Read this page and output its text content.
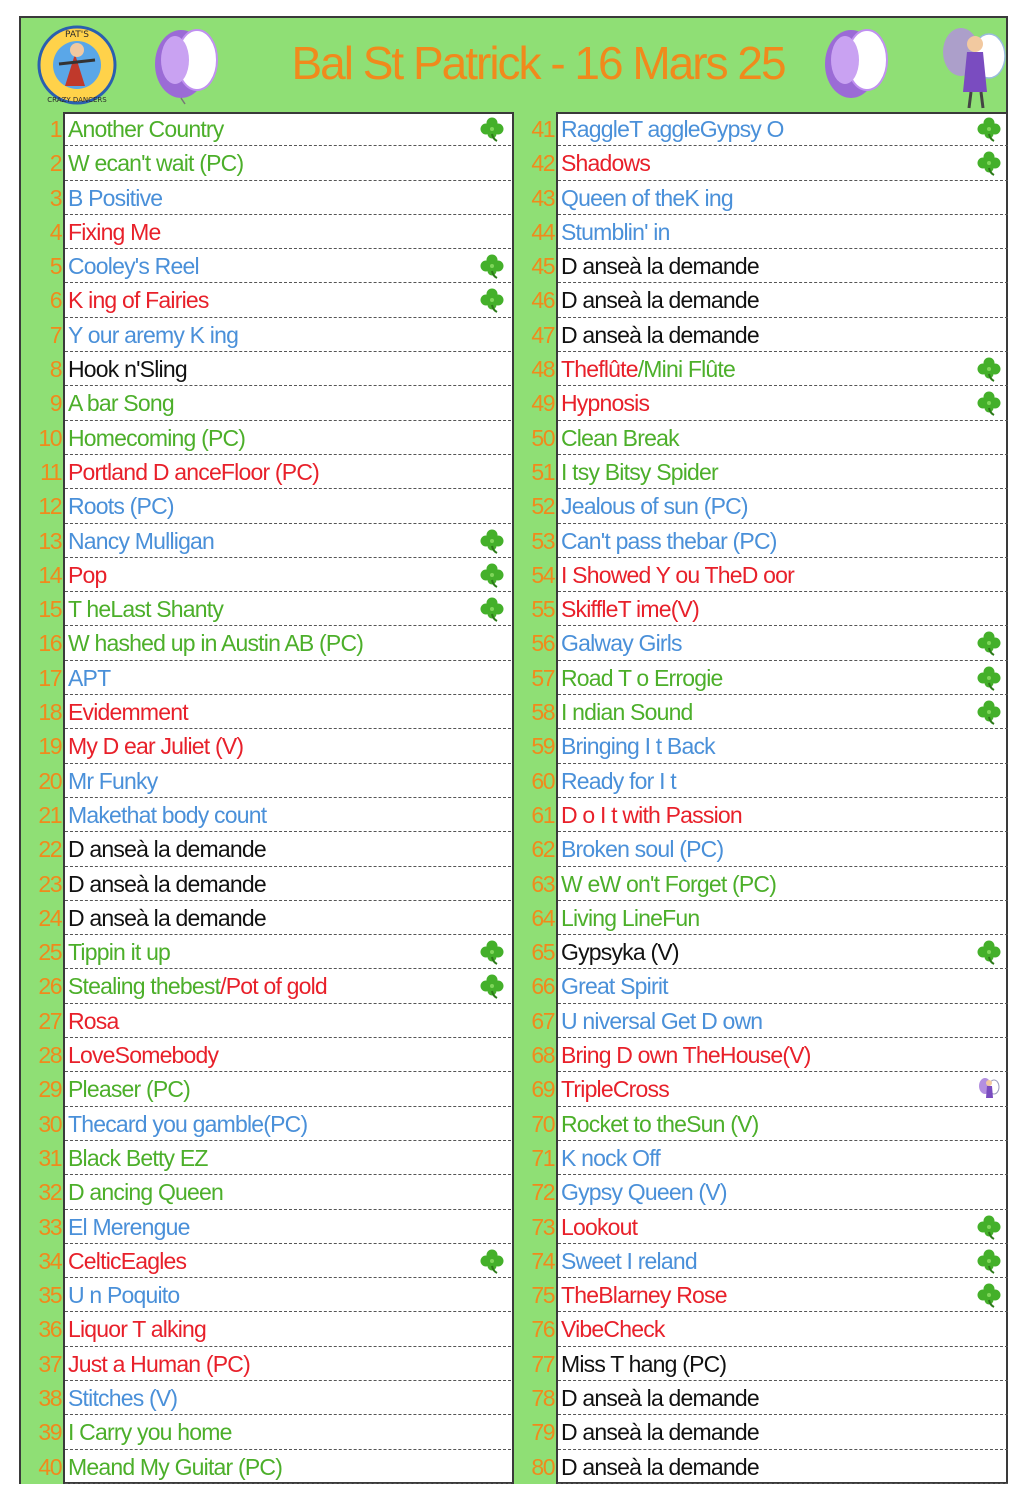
PAT'S
CRAZY DANCERS
Bal St Patrick - 16 Mars 25
1 Another Country
2 W ecan't wait (PC)
3 B Positive
4 Fixing Me
5 Cooley's Reel
6 K ing of Fairies
7 Y our aremy K ing
8 Hook n'Sling
9 A bar Song
10 Homecoming (PC)
11 Portland D anceFloor (PC)
12 Roots (PC)
13 Nancy Mulligan
14 Pop
15 T heLast Shanty
16 W hashed up in Austin AB (PC)
17 APT
18 Evidemment
19 My D ear Juliet (V)
20 Mr Funky
21 Makethat body count
22 D anseà la demande
23 D anseà la demande
24 D anseà la demande
25 Tippin it up
26 Stealing thebest/Pot of gold
27 Rosa
28 LoveSomebody
29 Pleaser (PC)
30 Thecard you gamble(PC)
31 Black Betty EZ
32 D ancing Queen
33 El Merengue
34 CelticEagles
35 U n Poquito
36 Liquor T alking
37 Just a Human (PC)
38 Stitches (V)
39 I Carry you home
40 Meand My Guitar (PC)
41 RaggleT aggleGypsy O
42 Shadows
43 Queen of theK ing
44 Stumblin' in
45 D anseà la demande
46 D anseà la demande
47 D anseà la demande
48 Theflûte/Mini Flûte
49 Hypnosis
50 Clean Break
51 I tsy Bitsy Spider
52 Jealous of sun (PC)
53 Can't pass thebar (PC)
54 I Showed Y ou TheD oor
55 SkiffleT ime(V)
56 Galway Girls
57 Road T o Errogie
58 I ndian Sound
59 Bringing I t Back
60 Ready for I t
61 D o I t with Passion
62 Broken soul (PC)
63 W eW on't Forget (PC)
64 Living LineFun
65 Gypsyka (V)
66 Great Spirit
67 U niversal Get D own
68 Bring D own TheHouse(V)
69 TripleCross
70 Rocket to theSun (V)
71 K nock Off
72 Gypsy Queen (V)
73 Lookout
74 Sweet I reland
75 TheBlarney Rose
76 VibeCheck
77 Miss T hang (PC)
78 D anseà la demande
79 D anseà la demande
80 D anseà la demande
